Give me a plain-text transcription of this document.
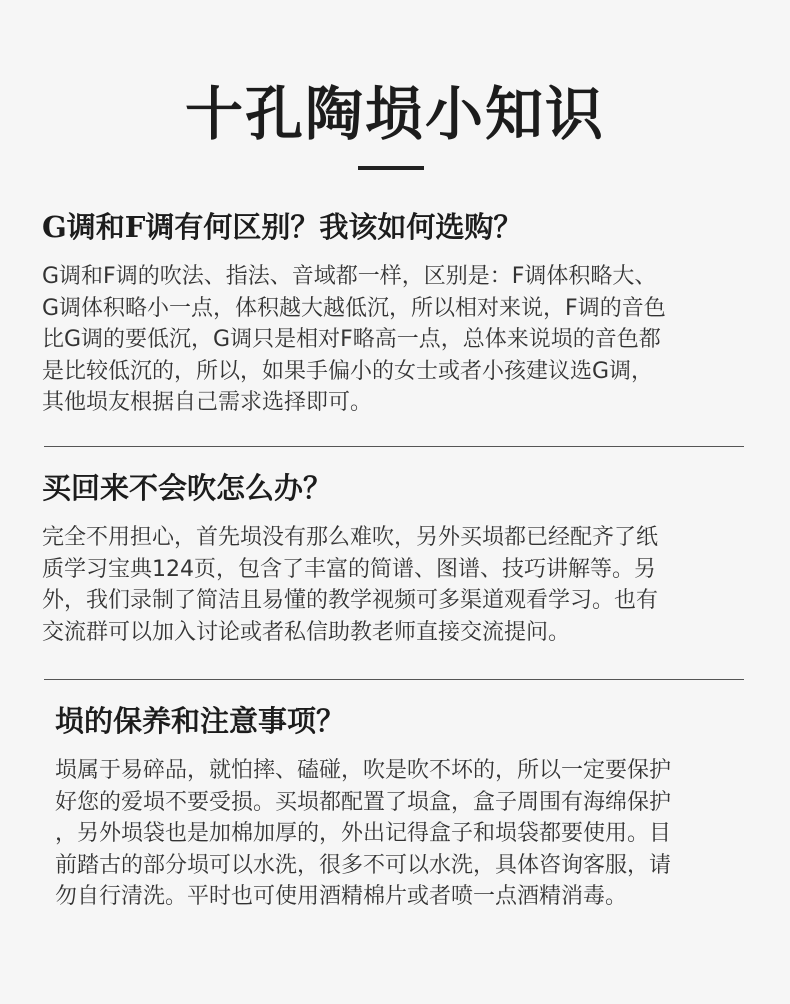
十孔陶埙小知识
G调和F调有何区别？我该如何选购？

G调和F调的吹法、指法、音域都一样，区别是：F调体积略大、
G调体积略小一点，体积越大越低沉，所以相对来说，F调的音色
比G调的要低沉，G调只是相对F略高一点，总体来说埙的音色都
是比较低沉的，所以，如果手偏小的女士或者小孩建议选G调，
其他埙友根据自己需求选择即可。

买回来不会吹怎么办？

完全不用担心，首先埙没有那么难吹，另外买埙都已经配齐了纸
质学习宝典124页，包含了丰富的简谱、图谱、技巧讲解等。另
外，我们录制了简洁且易懂的教学视频可多渠道观看学习。也有
交流群可以加入讨论或者私信助教老师直接交流提问。

埙的保养和注意事项？

埙属于易碎品，就怕摔、磕碰，吹是吹不坏的，所以一定要保护
好您的爱埙不要受损。买埙都配置了埙盒，盒子周围有海绵保护
，另外埙袋也是加棉加厚的，外出记得盒子和埙袋都要使用。目
前踏古的部分埙可以水洗，很多不可以水洗，具体咨询客服，请
勿自行清洗。平时也可使用酒精棉片或者喷一点酒精消毒。
